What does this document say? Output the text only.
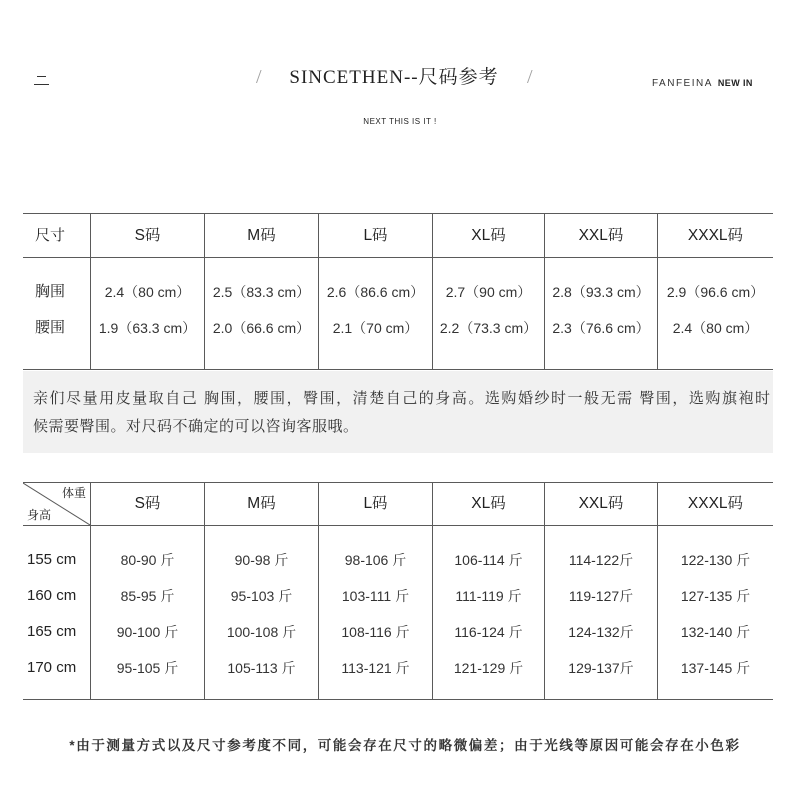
/	SINCETHEN--尺码参考	/	FANFEINA NEW IN
NEXT THIS IS IT !
尺寸	S码	M码	L码	XL码	XXL码	XXXL码
胸围	2.4（80 cm）	2.5（83.3 cm）	2.6（86.6 cm）	2.7（90 cm）	2.8（93.3 cm）	2.9（96.6 cm）
腰围	1.9（63.3 cm）	2.0（66.6 cm）	2.1（70 cm）	2.2（73.3 cm）	2.3（76.6 cm）	2.4（80 cm）
亲们尽量用皮量取自己 胸围，腰围，臀围，清楚自己的身高。选购婚纱时一般无需 臀围，选购旗袍时
候需要臀围。对尺码不确定的可以咨询客服哦。
体重
身高
S码	M码	L码	XL码	XXL码	XXXL码
155 cm	80-90 斤	90-98 斤	98-106 斤	106-114 斤	114-122斤	122-130 斤
160 cm	85-95 斤	95-103 斤	103-111 斤	111-119 斤	119-127斤	127-135 斤
165 cm	90-100 斤	100-108 斤	108-116 斤	116-124 斤	124-132斤	132-140 斤
170 cm	95-105 斤	105-113 斤	113-121 斤	121-129 斤	129-137斤	137-145 斤
*由于测量方式以及尺寸参考度不同，可能会存在尺寸的略微偏差；由于光线等原因可能会存在小色彩
